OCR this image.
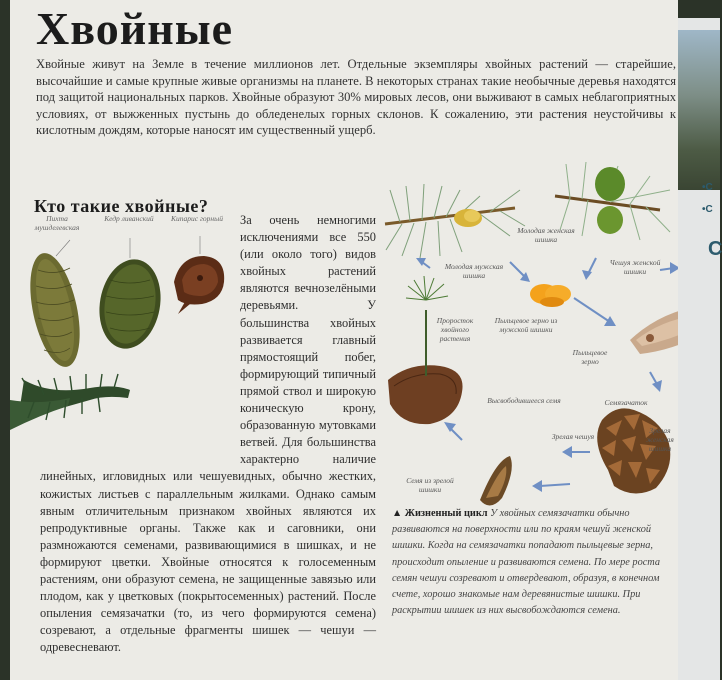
Хвойные

Хвойные живут на Земле в течение миллионов лет. Отдельные экземпляры хвойных растений — старейшие, высочайшие и самые крупные живые организмы на планете. В некоторых странах такие необычные деревья находятся под защитой национальных парков. Хвойные образуют 30% мировых лесов, они выживают в самых неблагоприятных условиях, от выжженных пустынь до обледенелых горных склонов. К сожалению, эти растения неустойчивы к кислотным дождям, которые наносят им существенный ущерб.

Кто такие хвойные?
Пихта мушделевская
Кедр ливанский	Кипарис горный	За очень немногими исключениями все 550 (или около того) видов хвойных растений являются вечнозелёными деревьями. У большинства хвойных развивается главный прямостоящий побег, формирующий типичный прямой ствол и широкую коническую крону, образованную мутовками ветвей. Для большинства характерно наличие линейных, игловидных или чешуевидных, обычно жестких, кожистых листьев с параллельным жилками. Однако самым явным отличительным признаком хвойных являются их репродуктивные органы. Также как и саговники, они размножаются семенами, развивающимися в шишках, и не формируют цветки. Хвойные относятся к голосеменным растениям, они образуют семена, не защищенные завязью или плодом, как у цветковых (покрытосеменных) растений. После опыления семязачатки (то, из чего формируются семена) созревают, а отдельные фрагменты шишек — чешуи — одревесневают.

Молодая мужская шишка
Молодая женская шишка
Чешуя женской шишки
Проросток хвойного растения
Пыльцевое зерно из мужской шишки
Пыльцевое зерно
Высвободившееся семя	Семязачаток
Зрелая чешуя
Зрелая женская шишка
Семя из зрелой шишки

▲ Жизненный цикл У хвойных семязачатки обычно развиваются на поверхности или по краям чешуй женской шишки. Когда на семязачатки попадают пыльцевые зерна, происходит опыление и развиваются семена. По мере роста семян чешуи созревают и отвердевают, образуя, в конечном счете, хорошо знакомые нам деревянистые шишки. При раскрытии шишек из них высвобождаются семена.

•С
•С
С
